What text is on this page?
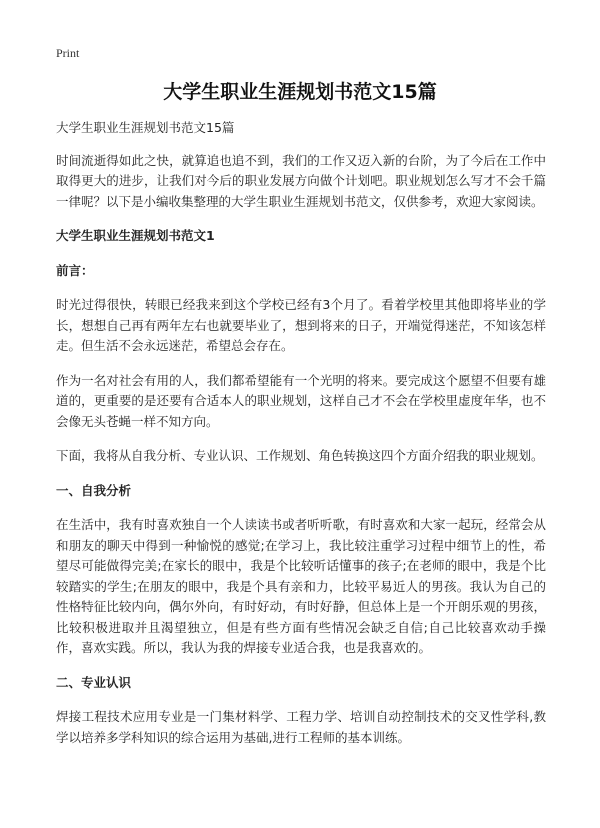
Print
大学生职业生涯规划书范文15篇

大学生职业生涯规划书范文15篇

时间流逝得如此之快，就算追也追不到，我们的工作又迈入新的台阶，为了今后在工作中取得更大的进步，让我们对今后的职业发展方向做个计划吧。职业规划怎么写才不会千篇一律呢？以下是小编收集整理的大学生职业生涯规划书范文，仅供参考，欢迎大家阅读。

大学生职业生涯规划书范文1

前言：

时光过得很快，转眼已经我来到这个学校已经有3个月了。看着学校里其他即将毕业的学长，想想自己再有两年左右也就要毕业了，想到将来的日子，开端觉得迷茫，不知该怎样走。但生活不会永远迷茫，希望总会存在。

作为一名对社会有用的人，我们都希望能有一个光明的将来。要完成这个愿望不但要有雄道的，更重要的是还要有合适本人的职业规划，这样自己才不会在学校里虚度年华，也不会像无头苍蝇一样不知方向。

下面，我将从自我分析、专业认识、工作规划、角色转换这四个方面介绍我的职业规划。

一、自我分析

在生活中，我有时喜欢独自一个人读读书或者听听歌，有时喜欢和大家一起玩，经常会从和朋友的聊天中得到一种愉悦的感觉;在学习上，我比较注重学习过程中细节上的性，希望尽可能做得完美;在家长的眼中，我是个比较听话懂事的孩子;在老师的眼中，我是个比较踏实的学生;在朋友的眼中，我是个具有亲和力，比较平易近人的男孩。我认为自己的性格特征比较内向，偶尔外向，有时好动，有时好静，但总体上是一个开朗乐观的男孩，比较积极进取并且渴望独立，但是有些方面有些情况会缺乏自信;自己比较喜欢动手操作，喜欢实践。所以，我认为我的焊接专业适合我，也是我喜欢的。

二、专业认识

焊接工程技术应用专业是一门集材料学、工程力学、培训自动控制技术的交叉性学科,教学以培养多学科知识的综合运用为基础,进行工程师的基本训练。
